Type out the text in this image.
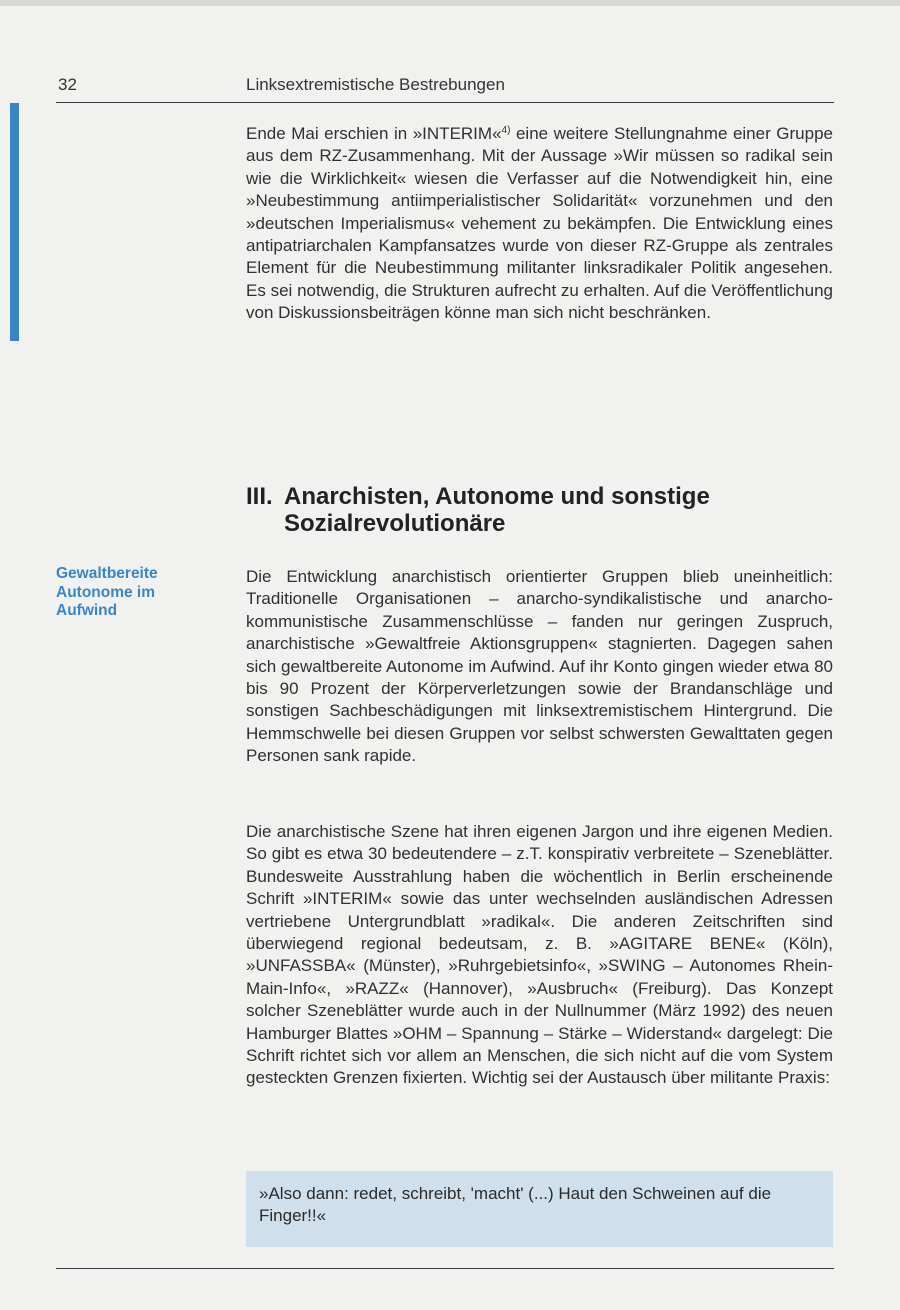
32	Linksextremistische Bestrebungen

Ende Mai erschien in »INTERIM«$^{4)}$ eine weitere Stellungnahme einer Gruppe aus dem RZ-Zusammenhang. Mit der Aussage »Wir müssen so radikal sein wie die Wirklichkeit« wiesen die Verfasser auf die Notwendigkeit hin, eine »Neubestimmung antiimperialistischer Solidarität« vorzunehmen und den »deutschen Imperialismus« vehement zu bekämpfen. Die Entwicklung eines antipatriarchalen Kampfansatzes wurde von dieser RZ-Gruppe als zentrales Element für die Neubestimmung militanter linksradikaler Politik angesehen. Es sei notwendig, die Strukturen aufrecht zu erhalten. Auf die Veröffentlichung von Diskussionsbeiträgen könne man sich nicht beschränken.

III. Anarchisten, Autonome und sonstige
Sozialrevolutionäre
Gewaltbereite
Autonome im
Aufwind

Die Entwicklung anarchistisch orientierter Gruppen blieb uneinheitlich: Traditionelle Organisationen – anarcho-syndikalistische und anarcho-kommunistische Zusammenschlüsse – fanden nur geringen Zuspruch, anarchistische »Gewaltfreie Aktionsgruppen« stagnierten. Dagegen sahen sich gewaltbereite Autonome im Aufwind. Auf ihr Konto gingen wieder etwa 80 bis 90 Prozent der Körperverletzungen sowie der Brandanschläge und sonstigen Sachbeschädigungen mit linksextremistischem Hintergrund. Die Hemmschwelle bei diesen Gruppen vor selbst schwersten Gewalttaten gegen Personen sank rapide.

Die anarchistische Szene hat ihren eigenen Jargon und ihre eigenen Medien. So gibt es etwa 30 bedeutendere – z.T. konspirativ verbreitete – Szeneblätter. Bundesweite Ausstrahlung haben die wöchentlich in Berlin erscheinende Schrift »INTERIM« sowie das unter wechselnden ausländischen Adressen vertriebene Untergrundblatt »radikal«. Die anderen Zeitschriften sind überwiegend regional bedeutsam, z. B. »AGITARE BENE« (Köln), »UNFASSBA« (Münster), »Ruhrgebietsinfo«, »SWING – Autonomes Rhein-Main-Info«, »RAZZ« (Hannover), »Ausbruch« (Freiburg). Das Konzept solcher Szeneblätter wurde auch in der Nullnummer (März 1992) des neuen Hamburger Blattes »OHM – Spannung – Stärke – Widerstand« dargelegt: Die Schrift richtet sich vor allem an Menschen, die sich nicht auf die vom System gesteckten Grenzen fixierten. Wichtig sei der Austausch über militante Praxis:

»Also dann: redet, schreibt, 'macht' (...) Haut den Schweinen auf die Finger!!«
